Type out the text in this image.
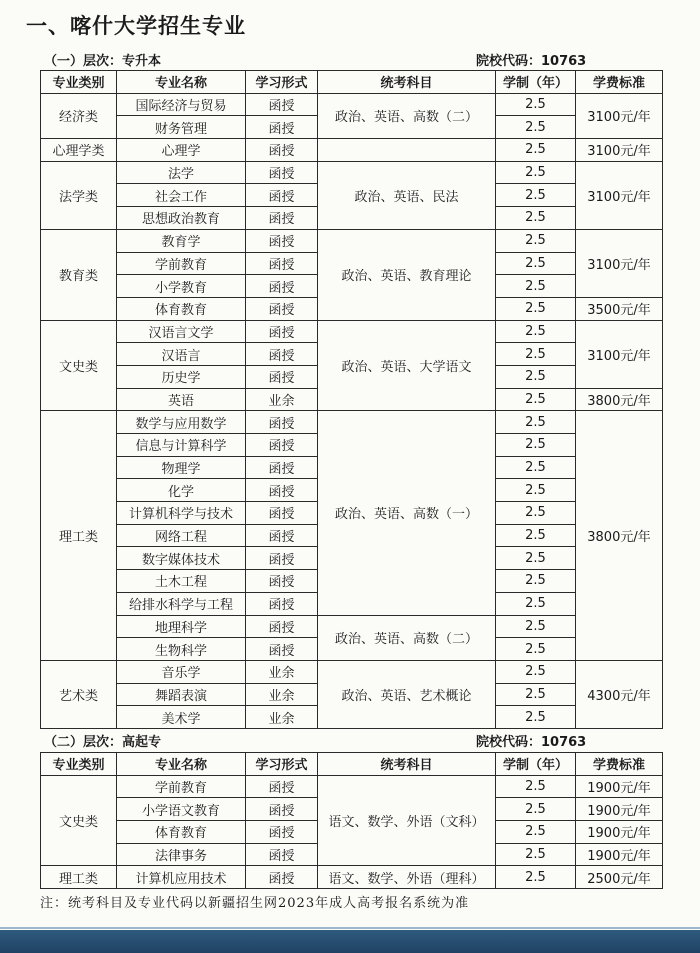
一、喀什大学招生专业
（一）层次：专升本	院校代码：10763
专业类别	专业名称	学习形式	统考科目	学制（年）	学费标准
经济类	国际经济与贸易	函授	政治、英语、高数（二）	2.5	3100元/年
	财务管理	函授		2.5	
心理学类	心理学	函授		2.5	3100元/年
法学类	法学	函授	政治、英语、民法	2.5	3100元/年
	社会工作	函授		2.5	
	思想政治教育	函授		2.5	
教育类	教育学	函授	政治、英语、教育理论	2.5	3100元/年
	学前教育	函授		2.5	
	小学教育	函授		2.5	
	体育教育	函授		2.5	3500元/年
文史类	汉语言文学	函授	政治、英语、大学语文	2.5	3100元/年
	汉语言	函授		2.5	
	历史学	函授		2.5	
	英语	业余		2.5	3800元/年
理工类	数学与应用数学	函授	政治、英语、高数（一）	2.5	3800元/年
	信息与计算科学	函授		2.5	
	物理学	函授		2.5	
	化学	函授		2.5	
	计算机科学与技术	函授		2.5	
	网络工程	函授		2.5	
	数字媒体技术	函授		2.5	
	土木工程	函授		2.5	
	给排水科学与工程	函授		2.5	
	地理科学	函授	政治、英语、高数（二）	2.5	
	生物科学	函授		2.5	
艺术类	音乐学	业余	政治、英语、艺术概论	2.5	4300元/年
	舞蹈表演	业余		2.5	
	美术学	业余		2.5	
（二）层次：高起专	院校代码：10763
专业类别	专业名称	学习形式	统考科目	学制（年）	学费标准
文史类	学前教育	函授	语文、数学、外语（文科）	2.5	1900元/年
	小学语文教育	函授		2.5	1900元/年
	体育教育	函授		2.5	1900元/年
	法律事务	函授		2.5	1900元/年
理工类	计算机应用技术	函授	语文、数学、外语（理科）	2.5	2500元/年
注：统考科目及专业代码以新疆招生网2023年成人高考报名系统为准
